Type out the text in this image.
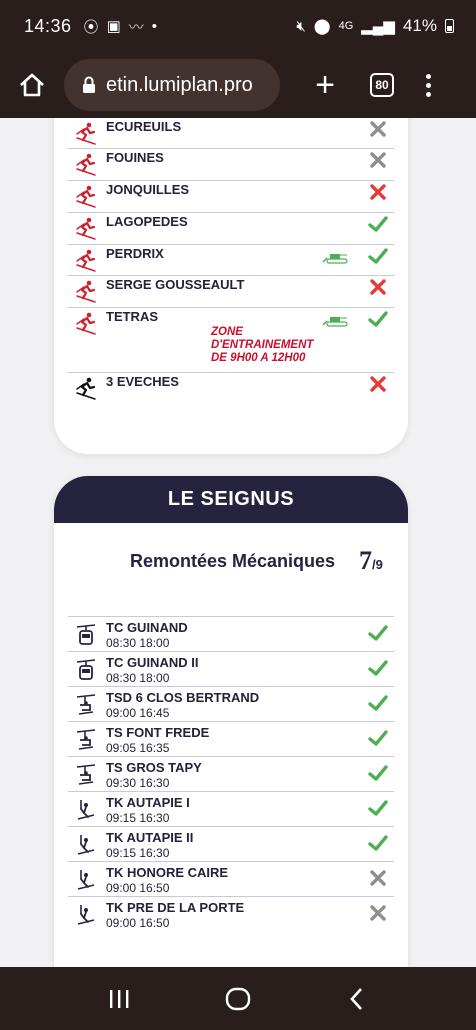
14:36 ⦿ ▣ 〰 •	🔇︎ ⬤ 4G ▂▄▆ 41%
etin.lumiplan.pro +	80
ECUREUILS
FOUINES
JONQUILLES
LAGOPEDES
PERDRIX
SERGE GOUSSEAULT
TETRAS
ZONE
D'ENTRAINEMENT
DE 9H00 A 12H00
3 EVECHES
LE SEIGNUS
Remontées Mécaniques 7/9
TC GUINAND
08:30 18:00
TC GUINAND II
08:30 18:00
TSD 6 CLOS BERTRAND
09:00 16:45
TS FONT FREDE
09:05 16:35
TS GROS TAPY
09:30 16:30
TK AUTAPIE I
09:15 16:30
TK AUTAPIE II
09:15 16:30
TK HONORE CAIRE
09:00 16:50
TK PRE DE LA PORTE
09:00 16:50
